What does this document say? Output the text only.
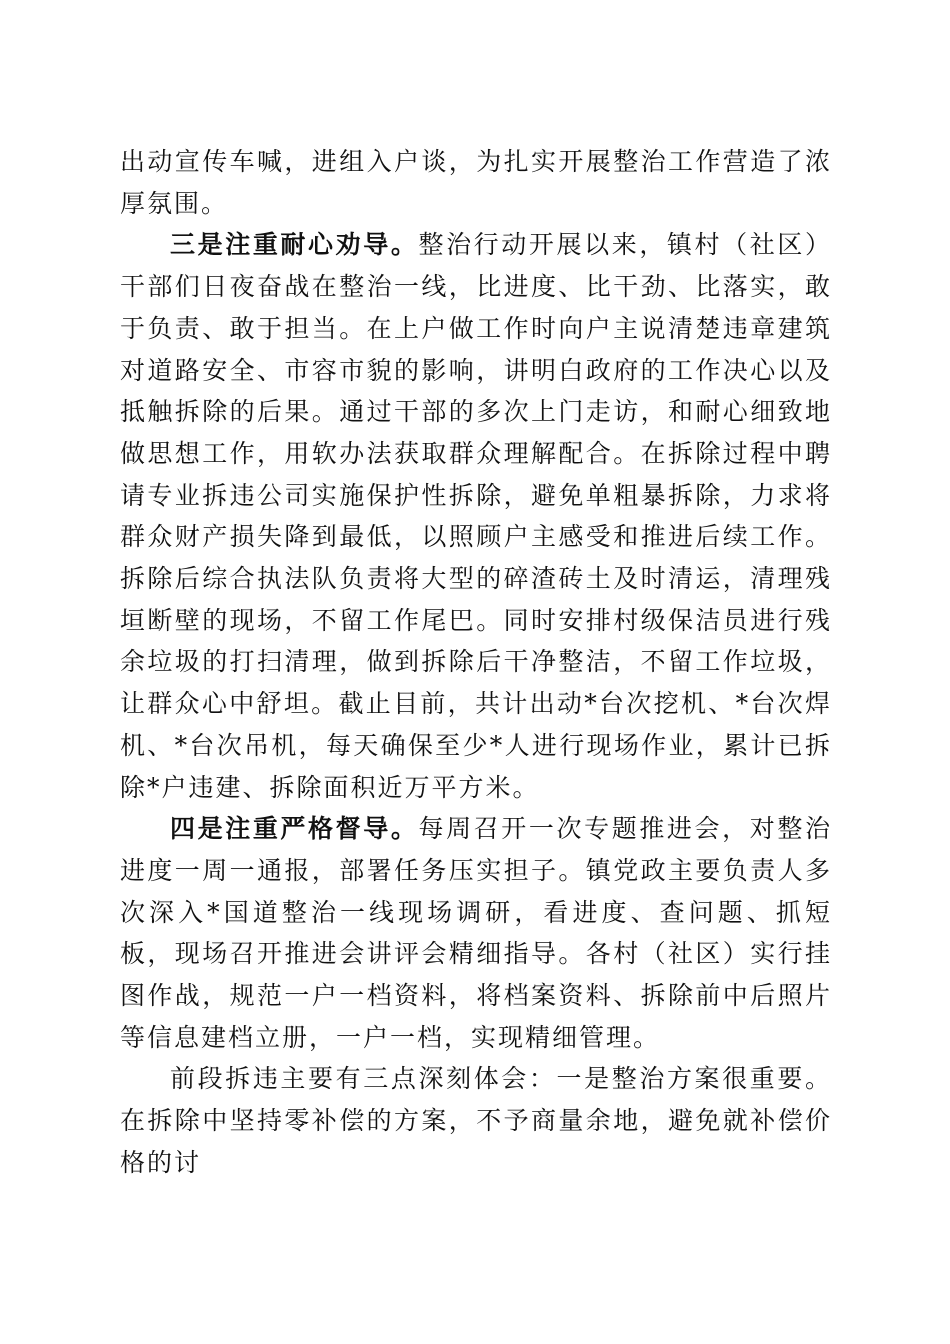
出动宣传车喊，进组入户谈，为扎实开展整治工作营造了浓厚氛围。

三是注重耐心劝导。整治行动开展以来，镇村（社区）干部们日夜奋战在整治一线，比进度、比干劲、比落实，敢于负责、敢于担当。在上户做工作时向户主说清楚违章建筑对道路安全、市容市貌的影响，讲明白政府的工作决心以及抵触拆除的后果。通过干部的多次上门走访，和耐心细致地做思想工作，用软办法获取群众理解配合。在拆除过程中聘请专业拆违公司实施保护性拆除，避免单粗暴拆除，力求将群众财产损失降到最低，以照顾户主感受和推进后续工作。拆除后综合执法队负责将大型的碎渣砖土及时清运，清理残垣断壁的现场，不留工作尾巴。同时安排村级保洁员进行残余垃圾的打扫清理，做到拆除后干净整洁，不留工作垃圾，让群众心中舒坦。截止目前，共计出动*台次挖机、*台次焊机、*台次吊机，每天确保至少*人进行现场作业，累计已拆除*户违建、拆除面积近万平方米。

四是注重严格督导。每周召开一次专题推进会，对整治进度一周一通报，部署任务压实担子。镇党政主要负责人多次深入*国道整治一线现场调研，看进度、查问题、抓短板，现场召开推进会讲评会精细指导。各村（社区）实行挂图作战，规范一户一档资料，将档案资料、拆除前中后照片等信息建档立册，一户一档，实现精细管理。

前段拆违主要有三点深刻体会：一是整治方案很重要。在拆除中坚持零补偿的方案，不予商量余地，避免就补偿价格的讨
